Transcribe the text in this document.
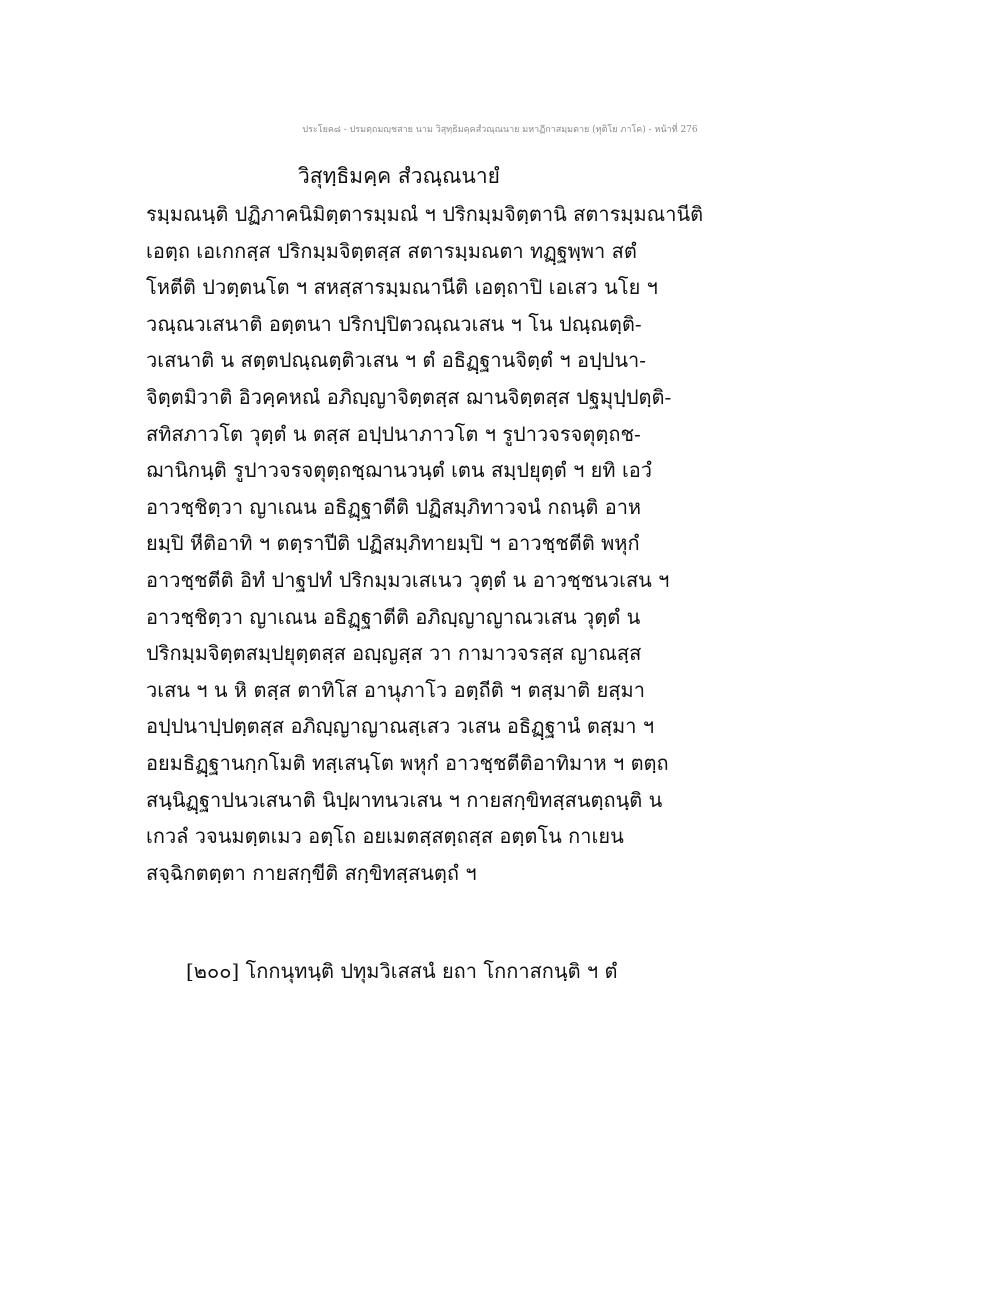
ประโยค๘ - ปรมตฺถมญฺชสาย นาม วิสุทฺธิมคฺคสํวณฺณนาย มหาฏีกาสมฺมตาย (ทุติโย ภาโค) - หน้าที่ 276
วิสุทฺธิมคฺค สํวณฺณนายํ
รมฺมณนฺติ ปฏิภาคนิมิตฺตารมฺมณํ ฯ ปริกมฺมจิตฺตานิ สตารมฺมณานีติ
เอตฺถ เอเกกสฺส ปริกมฺมจิตฺตสฺส สตารมฺมณตา ทฏฺฐพฺพา สตํ
โหตีติ ปวตฺตนโต ฯ สหสฺสารมฺมณานีติ เอตฺถาปิ เอเสว นโย ฯ
วณฺณวเสนาติ อตฺตนา ปริกปฺปิตวณฺณวเสน ฯ โน ปณฺณตฺติ-
วเสนาติ น สตฺตปณฺณตฺติวเสน ฯ ตํ อธิฏฺฐานจิตฺตํ ฯ อปฺปนา-
จิตฺตมิวาติ อิวคฺคหณํ อภิญฺญาจิตฺตสฺส ฌานจิตฺตสฺส ปฐมุปฺปตฺติ-
สทิสภาวโต วุตฺตํ น ตสฺส อปฺปนาภาวโต ฯ รูปาวจรจตุตฺถช-
ฌานิกนฺติ รูปาวจรจตุตฺถชฺฌานวนฺตํ เตน สมฺปยุตฺตํ ฯ ยทิ เอวํ
อาวชฺชิตฺวา ญาเณน อธิฏฺฐาตีติ ปฏิสมฺภิทาวจนํ กถนฺติ อาห
ยมฺปิ หีติอาทิ ฯ ตตฺราปีติ ปฏิสมฺภิทายมฺปิ ฯ อาวชฺชตีติ พหุกํ
อาวชฺชตีติ อิทํ ปาฐปทํ ปริกมฺมวเสเนว วุตฺตํ น อาวชฺชนวเสน ฯ
อาวชฺชิตฺวา ญาเณน อธิฏฺฐาตีติ อภิญฺญาญาณวเสน วุตฺตํ น
ปริกมฺมจิตฺตสมฺปยุตฺตสฺส อญฺญสฺส วา กามาวจรสฺส ญาณสฺส
วเสน ฯ น หิ ตสฺส ตาทิโส อานุภาโว อตฺถีติ ฯ ตสฺมาติ ยสฺมา
อปฺปนาปฺปตฺตสฺส อภิญฺญาญาณสฺเสว วเสน อธิฏฺฐานํ ตสฺมา ฯ
อยมธิฏฺฐานกฺกโมติ ทสฺเสนฺโต พหุกํ อาวชฺชตีติอาทิมาห ฯ ตตฺถ
สนฺนิฏฺฐาปนวเสนาติ นิปฺผาทนวเสน ฯ กายสกฺขิทสฺสนตฺถนฺติ น
เกวลํ วจนมตฺตเมว อตฺโถ อยเมตสฺสตฺถสฺส อตฺตโน กาเยน
สจฺฉิกตตฺตา กายสกฺขีติ สกฺขิทสฺสนตฺถํ ฯ
[๒๐๐] โกกนุทนฺติ ปทุมวิเสสนํ ยถา โกกาสกนฺติ ฯ ตํ
